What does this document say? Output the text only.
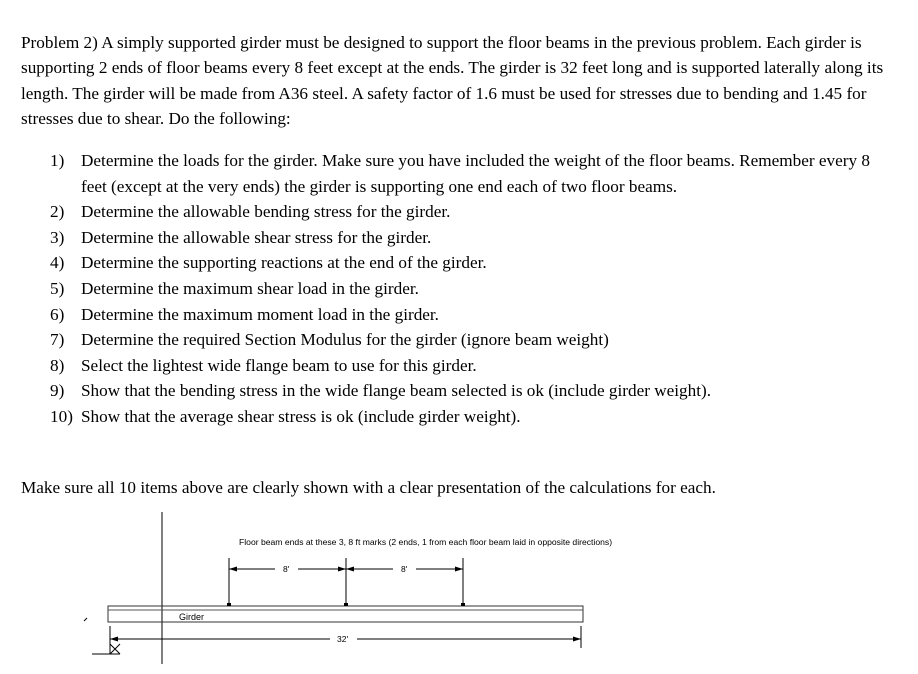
Problem 2) A simply supported girder must be designed to support the floor beams in the previous problem. Each girder is supporting 2 ends of floor beams every 8 feet except at the ends. The girder is 32 feet long and is supported laterally along its length. The girder will be made from A36 steel. A safety factor of 1.6 must be used for stresses due to bending and 1.45 for stresses due to shear. Do the following:

1) Determine the loads for the girder. Make sure you have included the weight of the floor beams. Remember every 8 feet (except at the very ends) the girder is supporting one end each of two floor beams.
2) Determine the allowable bending stress for the girder.
3) Determine the allowable shear stress for the girder.
4) Determine the supporting reactions at the end of the girder.
5) Determine the maximum shear load in the girder.
6) Determine the maximum moment load in the girder.
7) Determine the required Section Modulus for the girder (ignore beam weight)
8) Select the lightest wide flange beam to use for this girder.
9) Show that the bending stress in the wide flange beam selected is ok (include girder weight).
10) Show that the average shear stress is ok (include girder weight).

Make sure all 10 items above are clearly shown with a clear presentation of the calculations for each.

Floor beam ends at these 3, 8 ft marks (2 ends, 1 from each floor beam laid in opposite directions)
8'	8'
Girder
32'
